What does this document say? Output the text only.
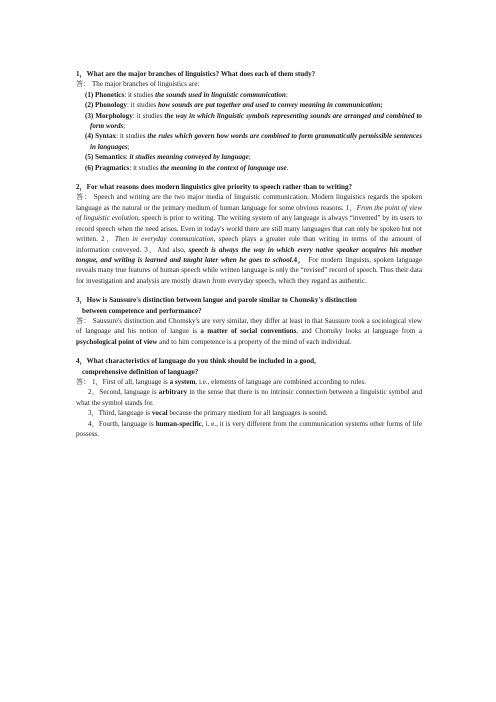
1，What are the major branches of linguistics? What does each of them study?

答： The major branches of linguistics are:

(1) Phonetics: it studies the sounds used in linguistic communication;

(2) Phonology: it studies how sounds are put together and used to convey meaning in communication;

(3) Morphology: it studies the way in which linguistic symbols representing sounds are arranged and combined to form words;

(4) Syntax: it studies the rules which govern how words are combined to form grammatically permissible sentences in languages;

(5) Semantics: it studies meaning conveyed by language;

(6) Pragmatics: it studies the meaning in the context of language use.

2，For what reasons does modern linguistics give priority to speech rather than to writing?

答： Speech and writing are the two major media of linguistic communication. Modern linguistics regards the spoken language as the natural or the primary medium of human language for some obvious reasons. 1，From the point of view of linguistic evolution, speech is prior to writing. The writing system of any language is always “invented” by its users to record speech when the need arises. Even in today's world there are still many languages that can only be spoken but not written. 2，Then in everyday communication, speech plays a greater role than writing in terms of the amount of information conveyed. 3，And also, speech is always the way in which every native speaker acquires his mother tongue, and writing is learned and taught later when he goes to school.4， For modern linguists, spoken language reveals many true features of human speech while written language is only the “revised” record of speech. Thus their data for investigation and analysis are mostly drawn from everyday speech, which they regard as authentic.

3，How is Saussure's distinction between langue and parole similar to Chomsky's distinction
between competence and performance?

答： Saussure's distinction and Chomsky's are very similar, they differ at least in that Saussure took a sociological view of language and his notion of langue is a matter of social conventions, and Chomsky looks at language from a psychological point of view and to him competence is a property of the mind of each individual.

4，What characteristics of language do you think should be included in a good,
comprehensive definition of language?

答： 1，First of all, language is a system, i.e., elements of language are combined according to rules.

2，Second, language is arbitrary in the sense that there is no intrinsic connection between a linguistic symbol and what the symbol stands for.

3，Third, language is vocal because the primary medium for all languages is sound.

4，Fourth, language is human-specific, i. e., it is very different from the communication systems other forms of life possess.
